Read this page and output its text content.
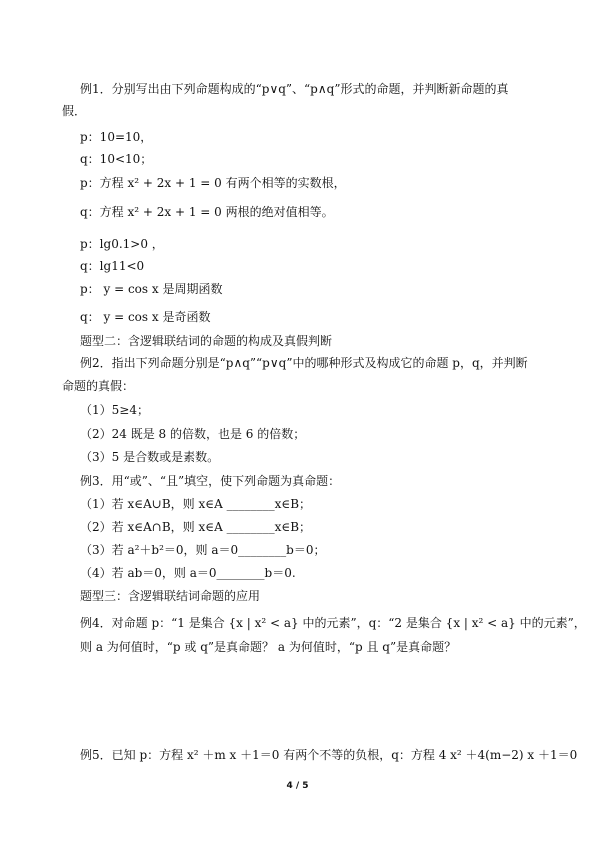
例1．分别写出由下列命题构成的“p∨q”、“p∧q”形式的命题，并判断新命题的真
假．
p：10=10，
q：10<10；
p：方程 x² + 2x + 1 = 0 有两个相等的实数根，
q：方程 x² + 2x + 1 = 0 两根的绝对值相等。
p：lg0.1>0 ，
q：lg11<0
p： y = cos x 是周期函数
q： y = cos x 是奇函数
题型二：含逻辑联结词的命题的构成及真假判断
例2．指出下列命题分别是“p∧q”“p∨q”中的哪种形式及构成它的命题 p，q，并判断
命题的真假：
（1）5≥4；
（2）24 既是 8 的倍数，也是 6 的倍数；
（3）5 是合数或是素数。
例3．用“或”、“且”填空，使下列命题为真命题：
（1）若 x∈A∪B，则 x∈A ________x∈B；
（2）若 x∈A∩B，则 x∈A ________x∈B；
（3）若 a²＋b²＝0，则 a＝0________b＝0；
（4）若 ab＝0，则 a＝0________b＝0.
题型三：含逻辑联结词命题的应用
例4．对命题 p：“1 是集合 {x | x² < a} 中的元素”，q：“2 是集合 {x | x² < a} 中的元素”，
则 a 为何值时，“p 或 q”是真命题？ a 为何值时，“p 且 q”是真命题？
例5．已知 p：方程 x² ＋m x ＋1＝0 有两个不等的负根，q：方程 4 x² ＋4(m−2) x ＋1＝0
4 / 5
